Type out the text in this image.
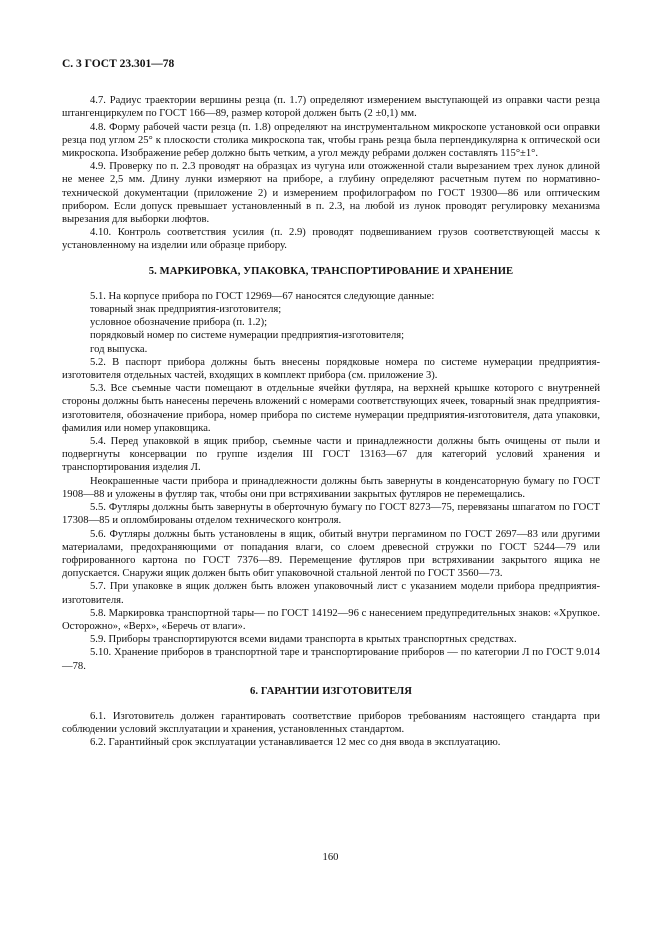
С. 3 ГОСТ 23.301—78

4.7. Радиус траектории вершины резца (п. 1.7) определяют измерением выступающей из оправки части резца штангенциркулем по ГОСТ 166—89, размер которой должен быть (2 ±0,1) мм.

4.8. Форму рабочей части резца (п. 1.8) определяют на инструментальном микроскопе установкой оси оправки резца под углом 25° к плоскости столика микроскопа так, чтобы грань резца была перпендикулярна к оптической оси микроскопа. Изображение ребер должно быть четким, а угол между ребрами должен составлять 115°±1°.

4.9. Проверку по п. 2.3 проводят на образцах из чугуна или отожженной стали вырезанием трех лунок длиной не менее 2,5 мм. Длину лунки измеряют на приборе, а глубину определяют расчетным путем по нормативно-технической документации (приложение 2) и измерением профилографом по ГОСТ 19300—86 или оптическим прибором. Если допуск превышает установленный в п. 2.3, на любой из лунок проводят регулировку механизма вырезания для выборки люфтов.

4.10. Контроль соответствия усилия (п. 2.9) проводят подвешиванием грузов соответствующей массы к установленному на изделии или образце прибору.

5. МАРКИРОВКА, УПАКОВКА, ТРАНСПОРТИРОВАНИЕ И ХРАНЕНИЕ

5.1. На корпусе прибора по ГОСТ 12969—67 наносятся следующие данные:

товарный знак предприятия-изготовителя;

условное обозначение прибора (п. 1.2);

порядковый номер по системе нумерации предприятия-изготовителя;

год выпуска.

5.2. В паспорт прибора должны быть внесены порядковые номера по системе нумерации предприятия-изготовителя отдельных частей, входящих в комплект прибора (см. приложение 3).

5.3. Все съемные части помещают в отдельные ячейки футляра, на верхней крышке которого с внутренней стороны должны быть нанесены перечень вложений с номерами соответствующих ячеек, товарный знак предприятия-изготовителя, обозначение прибора, номер прибора по системе нумерации предприятия-изготовителя, дата упаковки, фамилия или номер упаковщика.

5.4. Перед упаковкой в ящик прибор, съемные части и принадлежности должны быть очищены от пыли и подвергнуты консервации по группе изделия III ГОСТ 13163—67 для категорий условий хранения и транспортирования изделия Л.

Неокрашенные части прибора и принадлежности должны быть завернуты в конденсаторную бумагу по ГОСТ 1908—88 и уложены в футляр так, чтобы они при встряхивании закрытых футляров не перемещались.

5.5. Футляры должны быть завернуты в оберточную бумагу по ГОСТ 8273—75, перевязаны шпагатом по ГОСТ 17308—85 и опломбированы отделом технического контроля.

5.6. Футляры должны быть установлены в ящик, обитый внутри пергамином по ГОСТ 2697—83 или другими материалами, предохраняющими от попадания влаги, со слоем древесной стружки по ГОСТ 5244—79 или гофрированного картона по ГОСТ 7376—89. Перемещение футляров при встряхивании закрытого ящика не допускается. Снаружи ящик должен быть обит упаковочной стальной лентой по ГОСТ 3560—73.

5.7. При упаковке в ящик должен быть вложен упаковочный лист с указанием модели прибора предприятия-изготовителя.

5.8. Маркировка транспортной тары— по ГОСТ 14192—96 с нанесением предупредительных знаков: «Хрупкое. Осторожно», «Верх», «Беречь от влаги».

5.9. Приборы транспортируются всеми видами транспорта в крытых транспортных средствах.

5.10. Хранение приборов в транспортной таре и транспортирование приборов — по категории Л по ГОСТ 9.014—78.

6. ГАРАНТИИ ИЗГОТОВИТЕЛЯ

6.1. Изготовитель должен гарантировать соответствие приборов требованиям настоящего стандарта при соблюдении условий эксплуатации и хранения, установленных стандартом.

6.2. Гарантийный срок эксплуатации устанавливается 12 мес со дня ввода в эксплуатацию.

160
